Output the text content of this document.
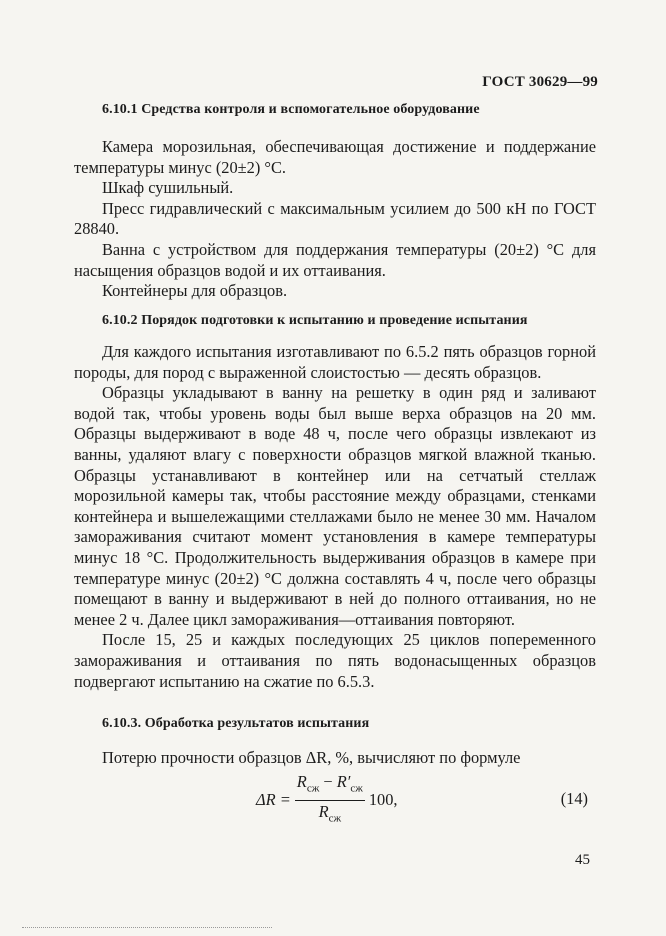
ГОСТ 30629—99
6.10.1 Средства контроля и вспомогательное оборудование

Камера морозильная, обеспечивающая достижение и поддержание температуры минус (20±2) °С.

Шкаф сушильный.

Пресс гидравлический с максимальным усилием до 500 кН по ГОСТ 28840.

Ванна с устройством для поддержания температуры (20±2) °С для насыщения образцов водой и их оттаивания.

Контейнеры для образцов.

6.10.2 Порядок подготовки к испытанию и проведение испытания

Для каждого испытания изготавливают по 6.5.2 пять образцов горной породы, для пород с выраженной слоистостью — десять образцов.

Образцы укладывают в ванну на решетку в один ряд и заливают водой так, чтобы уровень воды был выше верха образцов на 20 мм. Образцы выдерживают в воде 48 ч, после чего образцы извлекают из ванны, удаляют влагу с поверхности образцов мягкой влажной тканью. Образцы устанавливают в контейнер или на сетчатый стеллаж морозильной камеры так, чтобы расстояние между образцами, стенками контейнера и вышележащими стеллажами было не менее 30 мм. Началом замораживания считают момент установления в камере температуры минус 18 °С. Продолжительность выдерживания образцов в камере при температуре минус (20±2) °С должна составлять 4 ч, после чего образцы помещают в ванну и выдерживают в ней до полного оттаивания, но не менее 2 ч. Далее цикл замораживания—оттаивания повторяют.

После 15, 25 и каждых последующих 25 циклов попеременного замораживания и оттаивания по пять водонасыщенных образцов подвергают испытанию на сжатие по 6.5.3.

6.10.3. Обработка результатов испытания

Потерю прочности образцов ΔR, %, вычисляют по формуле

$\Delta R = \frac{R_{сж} - R'_{сж}}{R_{сж}} 100$,	(14)
45
